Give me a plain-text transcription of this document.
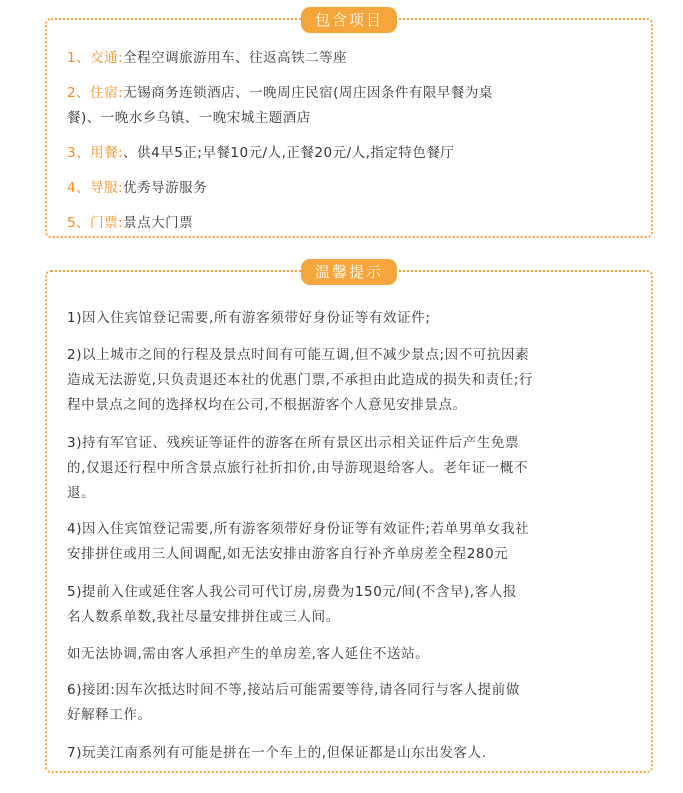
包含项目
1、交通:全程空调旅游用车、往返高铁二等座
2、住宿:无锡商务连锁酒店、一晚周庄民宿(周庄因条件有限早餐为桌
餐)、一晚水乡乌镇、一晚宋城主题酒店
3、用餐:、供4早5正;早餐10元/人,正餐20元/人,指定特色餐厅
4、导服:优秀导游服务
5、门票:景点大门票
温馨提示
1)因入住宾馆登记需要,所有游客须带好身份证等有效证件;
2)以上城市之间的行程及景点时间有可能互调,但不减少景点;因不可抗因素
造成无法游览,只负责退还本社的优惠门票,不承担由此造成的损失和责任;行
程中景点之间的选择权均在公司,不根据游客个人意见安排景点。
3)持有军官证、残疾证等证件的游客在所有景区出示相关证件后产生免票
的,仅退还行程中所含景点旅行社折扣价,由导游现退给客人。老年证一概不
退。
4)因入住宾馆登记需要,所有游客须带好身份证等有效证件;若单男单女我社
安排拼住或用三人间调配,如无法安排由游客自行补齐单房差全程280元
5)提前入住或延住客人我公司可代订房,房费为150元/间(不含早),客人报
名人数系单数,我社尽量安排拼住或三人间。
如无法协调,需由客人承担产生的单房差,客人延住不送站。
6)接团:因车次抵达时间不等,接站后可能需要等待,请各同行与客人提前做
好解释工作。
7)玩美江南系列有可能是拼在一个车上的,但保证都是山东出发客人.
